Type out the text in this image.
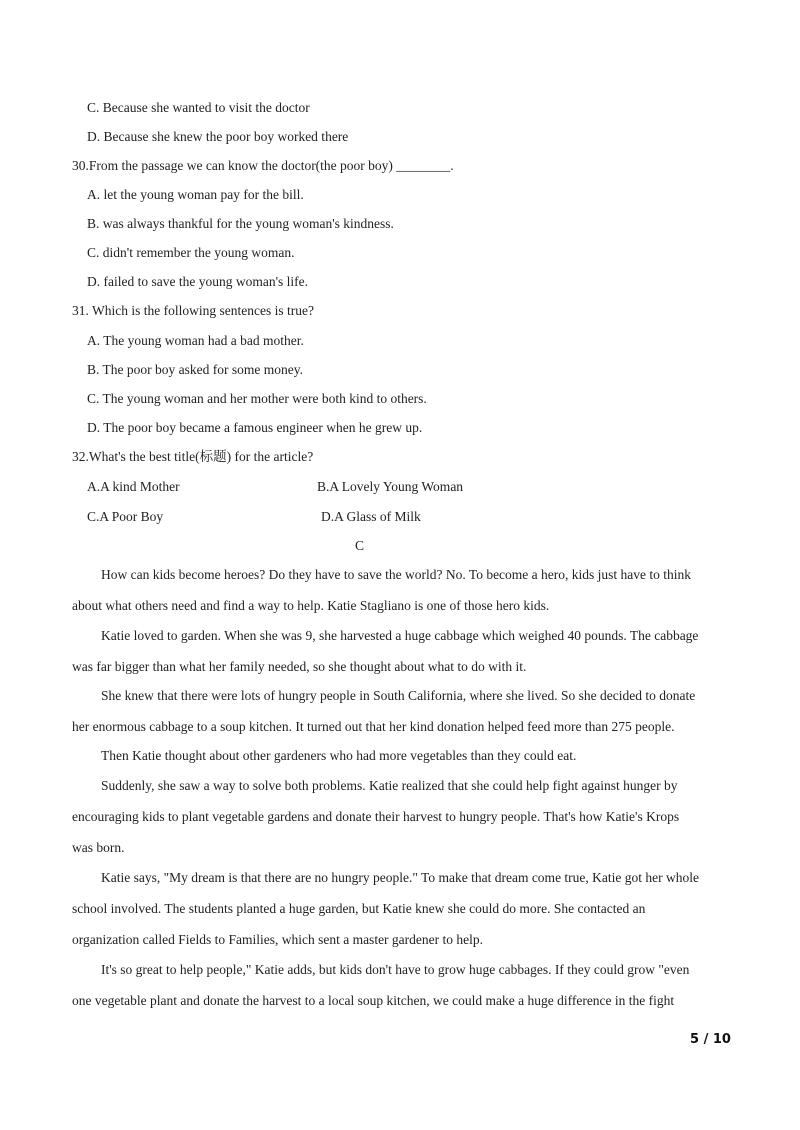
C. Because she wanted to visit the doctor
D. Because she knew the poor boy worked there
30.From the passage we can know the doctor(the poor boy) ________.
A. let the young woman pay for the bill.
B. was always thankful for the young woman's kindness.
C. didn't remember the young woman.
D. failed to save the young woman's life.
31. Which is the following sentences is true?
A. The young woman had a bad mother.
B. The poor boy asked for some money.
C. The young woman and her mother were both kind to others.
D. The poor boy became a famous engineer when he grew up.
32.What's the best title(标题) for the article?
A.A kind Mother	B.A Lovely Young Woman
C.A Poor Boy	D.A Glass of Milk
C
How can kids become heroes? Do they have to save the world? No. To become a hero, kids just have to think
about what others need and find a way to help. Katie Stagliano is one of those hero kids.
Katie loved to garden. When she was 9, she harvested a huge cabbage which weighed 40 pounds. The cabbage
was far bigger than what her family needed, so she thought about what to do with it.
She knew that there were lots of hungry people in South California, where she lived. So she decided to donate
her enormous cabbage to a soup kitchen. It turned out that her kind donation helped feed more than 275 people.
Then Katie thought about other gardeners who had more vegetables than they could eat.
Suddenly, she saw a way to solve both problems. Katie realized that she could help fight against hunger by
encouraging kids to plant vegetable gardens and donate their harvest to hungry people. That's how Katie's Krops
was born.
Katie says, "My dream is that there are no hungry people." To make that dream come true, Katie got her whole
school involved. The students planted a huge garden, but Katie knew she could do more. She contacted an
organization called Fields to Families, which sent a master gardener to help.
It's so great to help people," Katie adds, but kids don't have to grow huge cabbages. If they could grow "even
one vegetable plant and donate the harvest to a local soup kitchen, we could make a huge difference in the fight
5 / 10
